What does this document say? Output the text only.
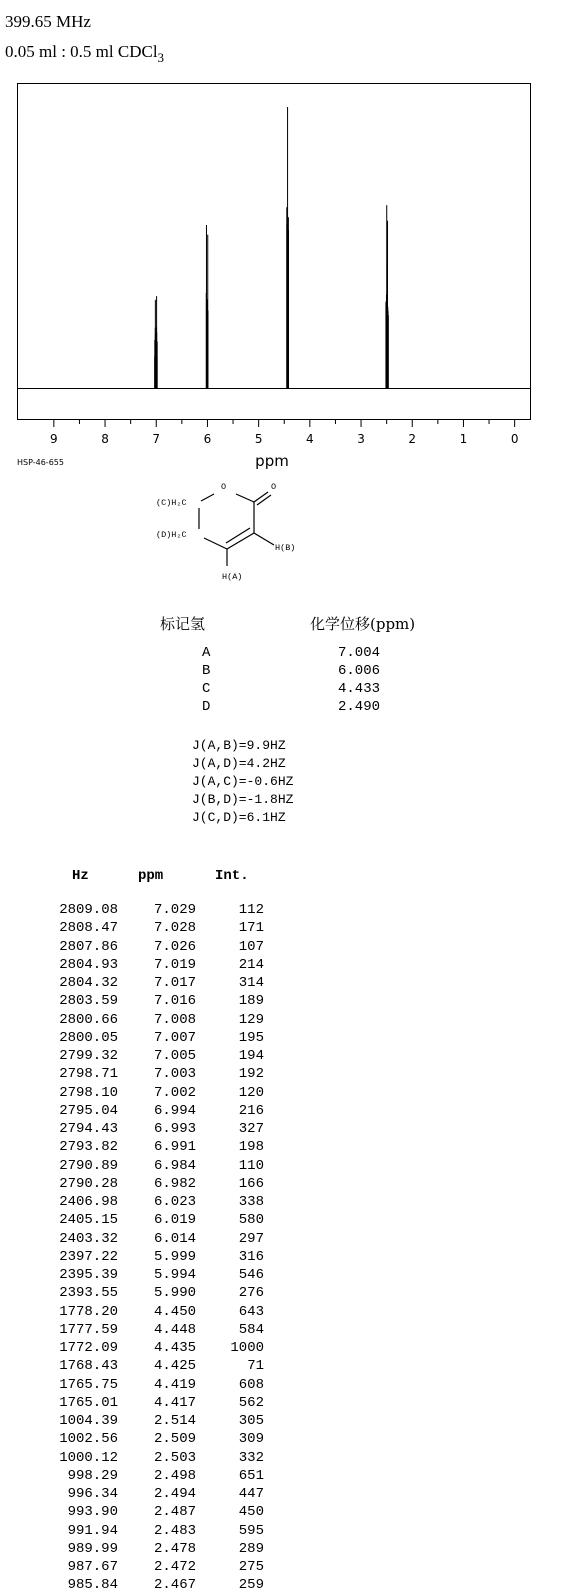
399.65 MHz
0.05 ml : 0.5 ml CDCl$_3$
9	8	7	6	5	4	3	2	1	0
ppm
HSP-46-655
(C)H₂C
(D)H₂C
O	O
H(B)
H(A)
标记氢	化学位移(ppm)
A	7.004
B	6.006
C	4.433
D	2.490
J(A,B)=9.9HZ
J(A,D)=4.2HZ
J(A,C)=-0.6HZ
J(B,D)=-1.8HZ
J(C,D)=6.1HZ
Hz	ppm	Int.
2809.08	7.029	112
2808.47	7.028	171
2807.86	7.026	107
2804.93	7.019	214
2804.32	7.017	314
2803.59	7.016	189
2800.66	7.008	129
2800.05	7.007	195
2799.32	7.005	194
2798.71	7.003	192
2798.10	7.002	120
2795.04	6.994	216
2794.43	6.993	327
2793.82	6.991	198
2790.89	6.984	110
2790.28	6.982	166
2406.98	6.023	338
2405.15	6.019	580
2403.32	6.014	297
2397.22	5.999	316
2395.39	5.994	546
2393.55	5.990	276
1778.20	4.450	643
1777.59	4.448	584
1772.09	4.435	1000
1768.43	4.425	71
1765.75	4.419	608
1765.01	4.417	562
1004.39	2.514	305
1002.56	2.509	309
1000.12	2.503	332
998.29	2.498	651
996.34	2.494	447
993.90	2.487	450
991.94	2.483	595
989.99	2.478	289
987.67	2.472	275
985.84	2.467	259
